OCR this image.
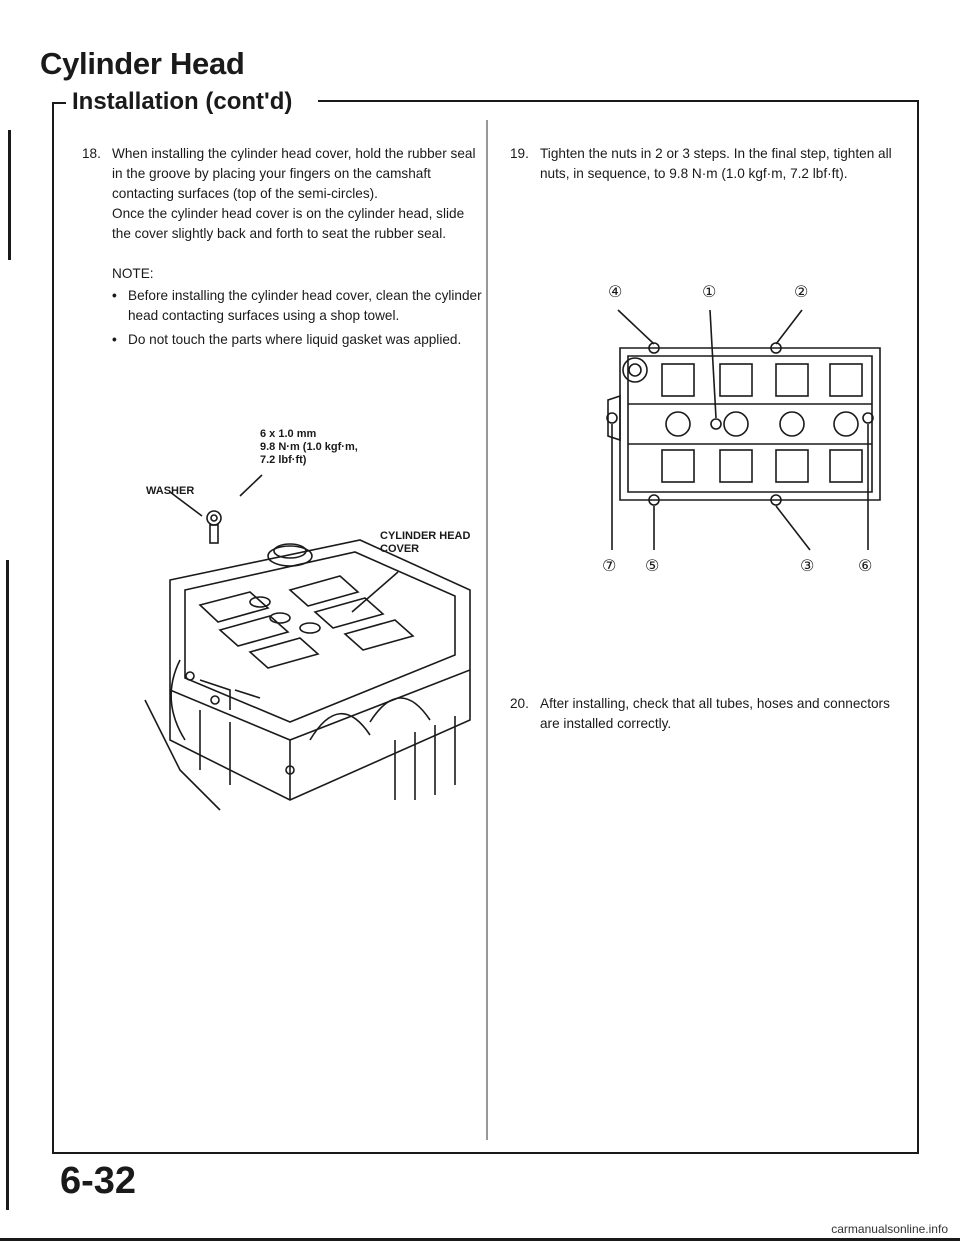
Cylinder Head
Installation (cont'd)
18. When installing the cylinder head cover, hold the rubber seal in the groove by placing your fingers on the camshaft contacting surfaces (top of the semi-circles).

Once the cylinder head cover is on the cylinder head, slide the cover slightly back and forth to seat the rubber seal.

NOTE:

• Before installing the cylinder head cover, clean the cylinder head contacting surfaces using a shop towel.
• Do not touch the parts where liquid gasket was applied.
6 x 1.0 mm
9.8 N·m (1.0 kgf·m,
7.2 lbf·ft)
WASHER
CYLINDER HEAD
COVER
19. Tighten the nuts in 2 or 3 steps. In the final step, tighten all nuts, in sequence, to 9.8 N·m (1.0 kgf·m, 7.2 lbf·ft).

④	①	②
⑦ ⑤	③	⑥
20. After installing, check that all tubes, hoses and connectors are installed correctly.

6-32
carmanualsonline.info
